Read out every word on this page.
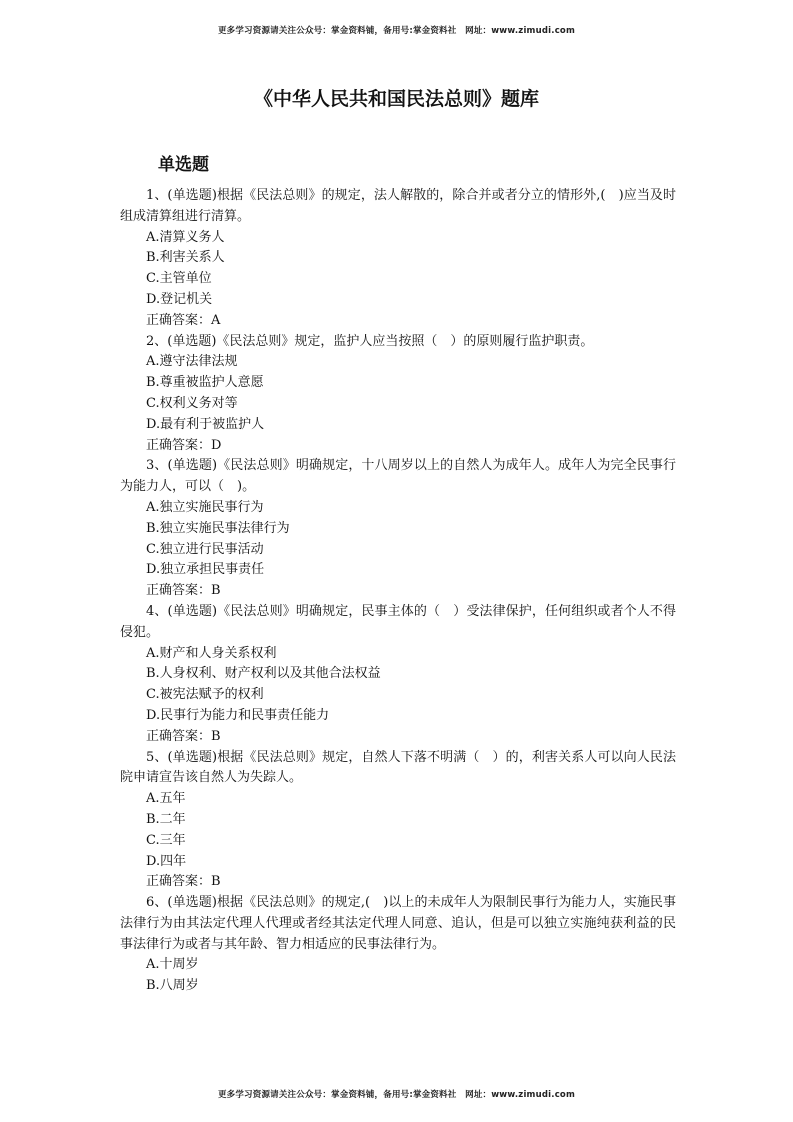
更多学习资源请关注公众号：掌金资料铺，备用号:掌金资料社　网址：www.zimudi.com
《中华人民共和国民法总则》题库
单选题

1、(单选题)根据《民法总则》的规定，法人解散的，除合并或者分立的情形外,(　)应当及时组成清算组进行清算。

A.清算义务人

B.利害关系人

C.主管单位

D.登记机关

正确答案：A

2、(单选题)《民法总则》规定，监护人应当按照（　）的原则履行监护职责。

A.遵守法律法规

B.尊重被监护人意愿

C.权利义务对等

D.最有利于被监护人

正确答案：D

3、(单选题)《民法总则》明确规定，十八周岁以上的自然人为成年人。成年人为完全民事行为能力人，可以（　)。

A.独立实施民事行为

B.独立实施民事法律行为

C.独立进行民事活动

D.独立承担民事责任

正确答案：B

4、(单选题)《民法总则》明确规定，民事主体的（　）受法律保护，任何组织或者个人不得侵犯。

A.财产和人身关系权利

B.人身权利、财产权利以及其他合法权益

C.被宪法赋予的权利

D.民事行为能力和民事责任能力

正确答案：B

5、(单选题)根据《民法总则》规定，自然人下落不明满（　）的，利害关系人可以向人民法院申请宣告该自然人为失踪人。

A.五年

B.二年

C.三年

D.四年

正确答案：B

6、(单选题)根据《民法总则》的规定,(　)以上的未成年人为限制民事行为能力人，实施民事法律行为由其法定代理人代理或者经其法定代理人同意、追认，但是可以独立实施纯获利益的民事法律行为或者与其年龄、智力相适应的民事法律行为。

A.十周岁

B.八周岁

更多学习资源请关注公众号：掌金资料铺，备用号:掌金资料社　网址：www.zimudi.com
